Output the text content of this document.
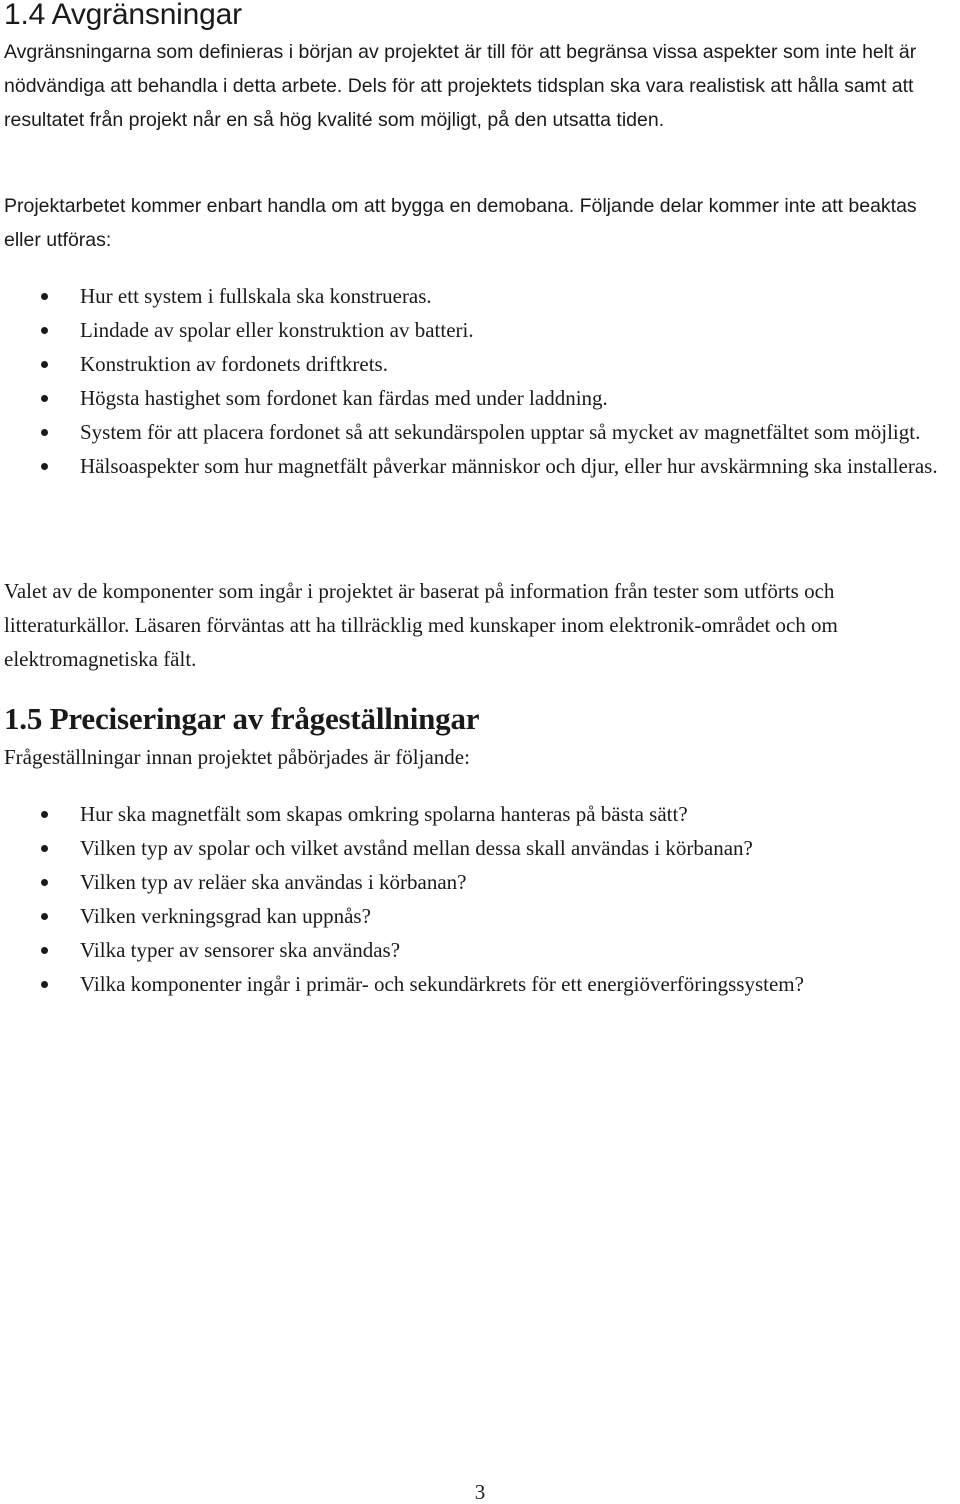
1.4 Avgränsningar

Avgränsningarna som definieras i början av projektet är till för att begränsa vissa aspekter som inte helt är nödvändiga att behandla i detta arbete. Dels för att projektets tidsplan ska vara realistisk att hålla samt att resultatet från projekt når en så hög kvalité som möjligt, på den utsatta tiden.

Projektarbetet kommer enbart handla om att bygga en demobana. Följande delar kommer inte att beaktas eller utföras:

Hur ett system i fullskala ska konstrueras.
Lindade av spolar eller konstruktion av batteri.
Konstruktion av fordonets driftkrets.
Högsta hastighet som fordonet kan färdas med under laddning.
System för att placera fordonet så att sekundärspolen upptar så mycket av magnetfältet som möjligt.
Hälsoaspekter som hur magnetfält påverkar människor och djur, eller hur avskärmning ska installeras.

Valet av de komponenter som ingår i projektet är baserat på information från tester som utförts och litteraturkällor. Läsaren förväntas att ha tillräcklig med kunskaper inom elektronik-området och om elektromagnetiska fält.

1.5 Preciseringar av frågeställningar

Frågeställningar innan projektet påbörjades är följande:

Hur ska magnetfält som skapas omkring spolarna hanteras på bästa sätt?
Vilken typ av spolar och vilket avstånd mellan dessa skall användas i körbanan?
Vilken typ av reläer ska användas i körbanan?
Vilken verkningsgrad kan uppnås?
Vilka typer av sensorer ska användas?
Vilka komponenter ingår i primär- och sekundärkrets för ett energiöverföringssystem?
3
